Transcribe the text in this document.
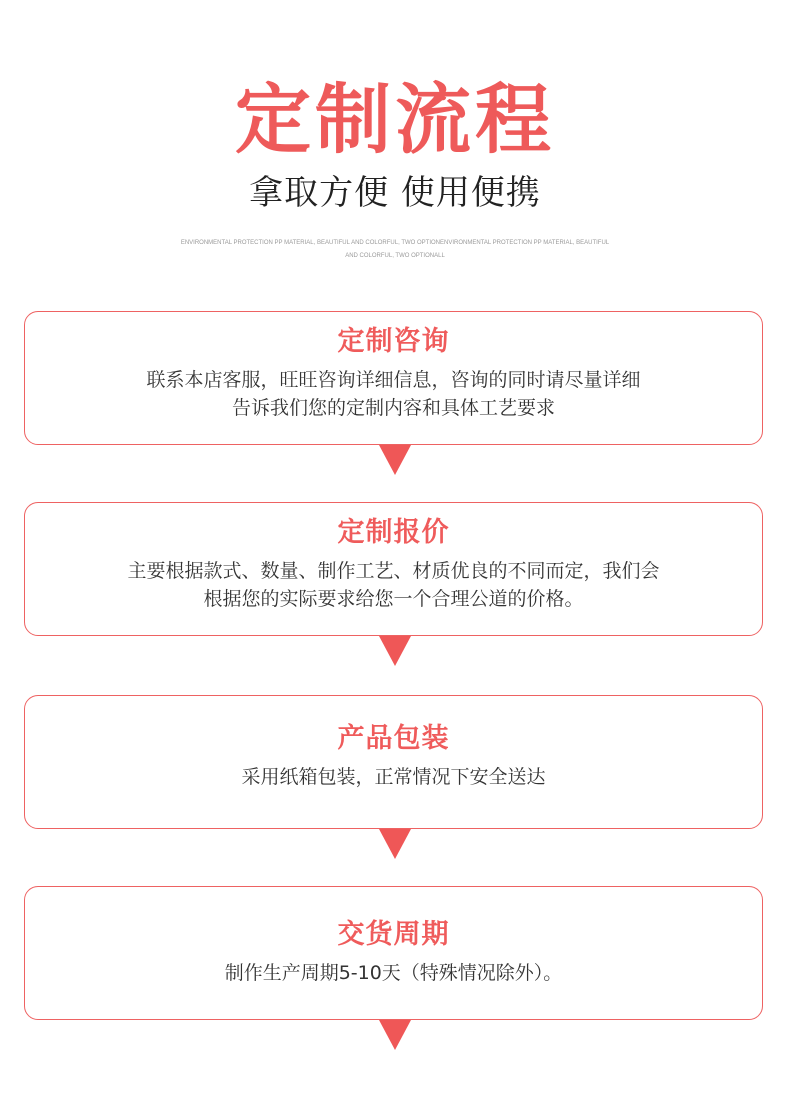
定制流程
拿取方便 使用便携
ENVIRONMENTAL PROTECTION PP MATERIAL, BEAUTIFUL AND COLORFUL, TWO OPTIONENVIRONMENTAL PROTECTION PP MATERIAL, BEAUTIFUL AND COLORFUL, TWO OPTIONALL
定制咨询
联系本店客服，旺旺咨询详细信息，咨询的同时请尽量详细
告诉我们您的定制内容和具体工艺要求
定制报价
主要根据款式、数量、制作工艺、材质优良的不同而定，我们会
根据您的实际要求给您一个合理公道的价格。
产品包装
采用纸箱包装，正常情况下安全送达
交货周期
制作生产周期5-10天（特殊情况除外）。
